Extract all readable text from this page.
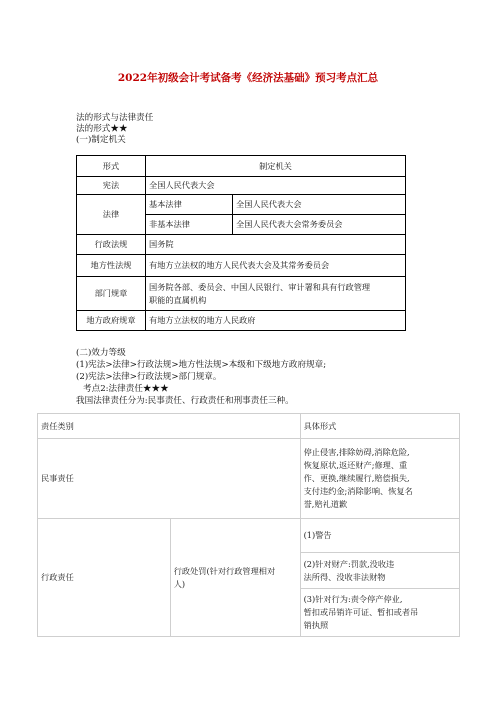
2022年初级会计考试备考《经济法基础》预习考点汇总
法的形式与法律责任
法的形式★★
(一)制定机关
形式	制定机关	
宪法	全国人民代表大会	
法律	基本法律	全国人民代表大会
	非基本法律	全国人民代表大会常务委员会
行政法规	国务院	
地方性法规	有地方立法权的地方人民代表大会及其常务委员会	
部门规章	国务院各部、委员会、中国人民银行、审计署和具有行政管理
职能的直属机构	

地方政府规章	有地方立法权的地方人民政府	
(二)效力等级
(1)宪法>法律>行政法规>地方性法规>本级和下级地方政府规章;
(2)宪法>法律>行政法规>部门规章。
考点2:法律责任★★★
我国法律责任分为:民事责任、行政责任和刑事责任三种。
责任类别		具体形式
民事责任		停止侵害,排除妨碍,消除危险,
恢复原状,返还财产;修理、重
作、更换,继续履行,赔偿损失,
支付违约金;消除影响、恢复名
誉,赔礼道歉

行政责任	行政处罚(针对行政管理相对
人)	(1)警告

		(2)针对财产:罚款,没收违
法所得、没收非法财物

		(3)针对行为:责令停产停业,
暂扣或吊销许可证、暂扣或者吊
销执照
